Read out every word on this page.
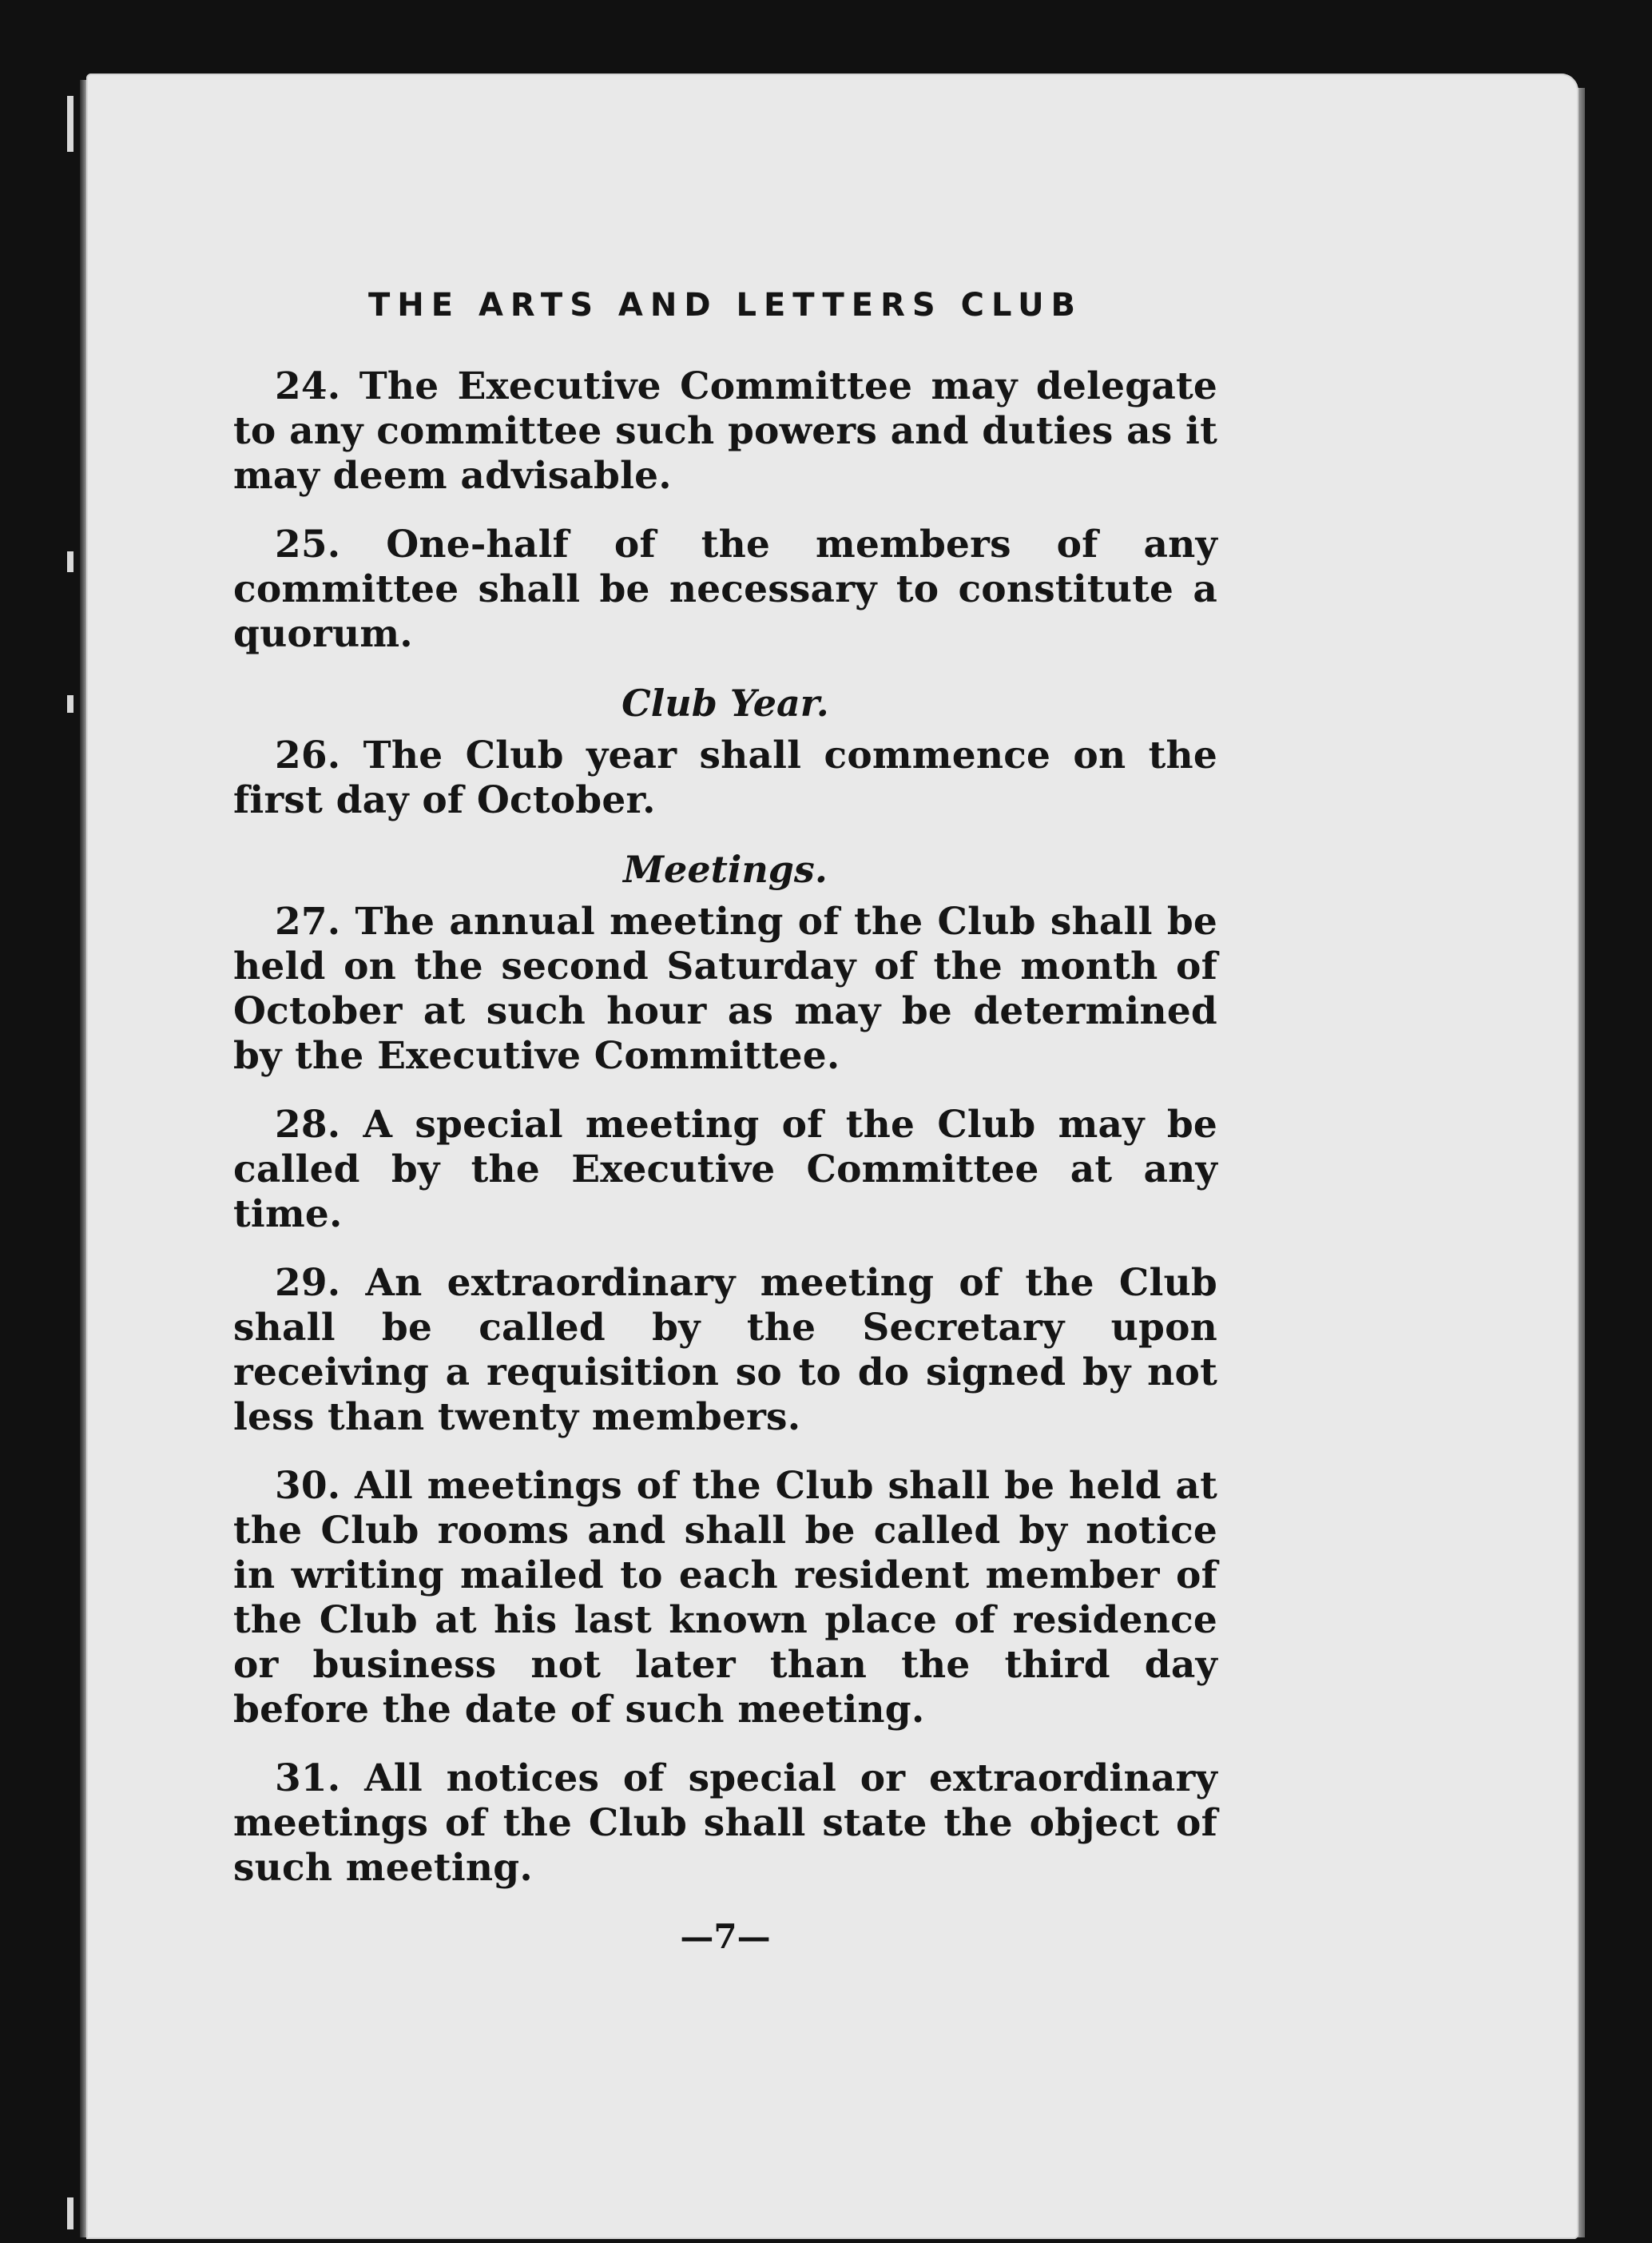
THE ARTS AND LETTERS CLUB

24. The Executive Committee may delegate to any committee such powers and duties as it may deem advisable.

25. One-half of the members of any committee shall be necessary to constitute a quorum.

Club Year.

26. The Club year shall commence on the first day of October.

Meetings.

27. The annual meeting of the Club shall be held on the second Saturday of the month of October at such hour as may be determined by the Executive Committee.

28. A special meeting of the Club may be called by the Executive Committee at any time.

29. An extraordinary meeting of the Club shall be called by the Secretary upon receiving a requisition so to do signed by not less than twenty members.

30. All meetings of the Club shall be held at the Club rooms and shall be called by notice in writing mailed to each resident member of the Club at his last known place of residence or business not later than the third day before the date of such meeting.

31. All notices of special or extraordinary meetings of the Club shall state the object of such meeting.

—7—
